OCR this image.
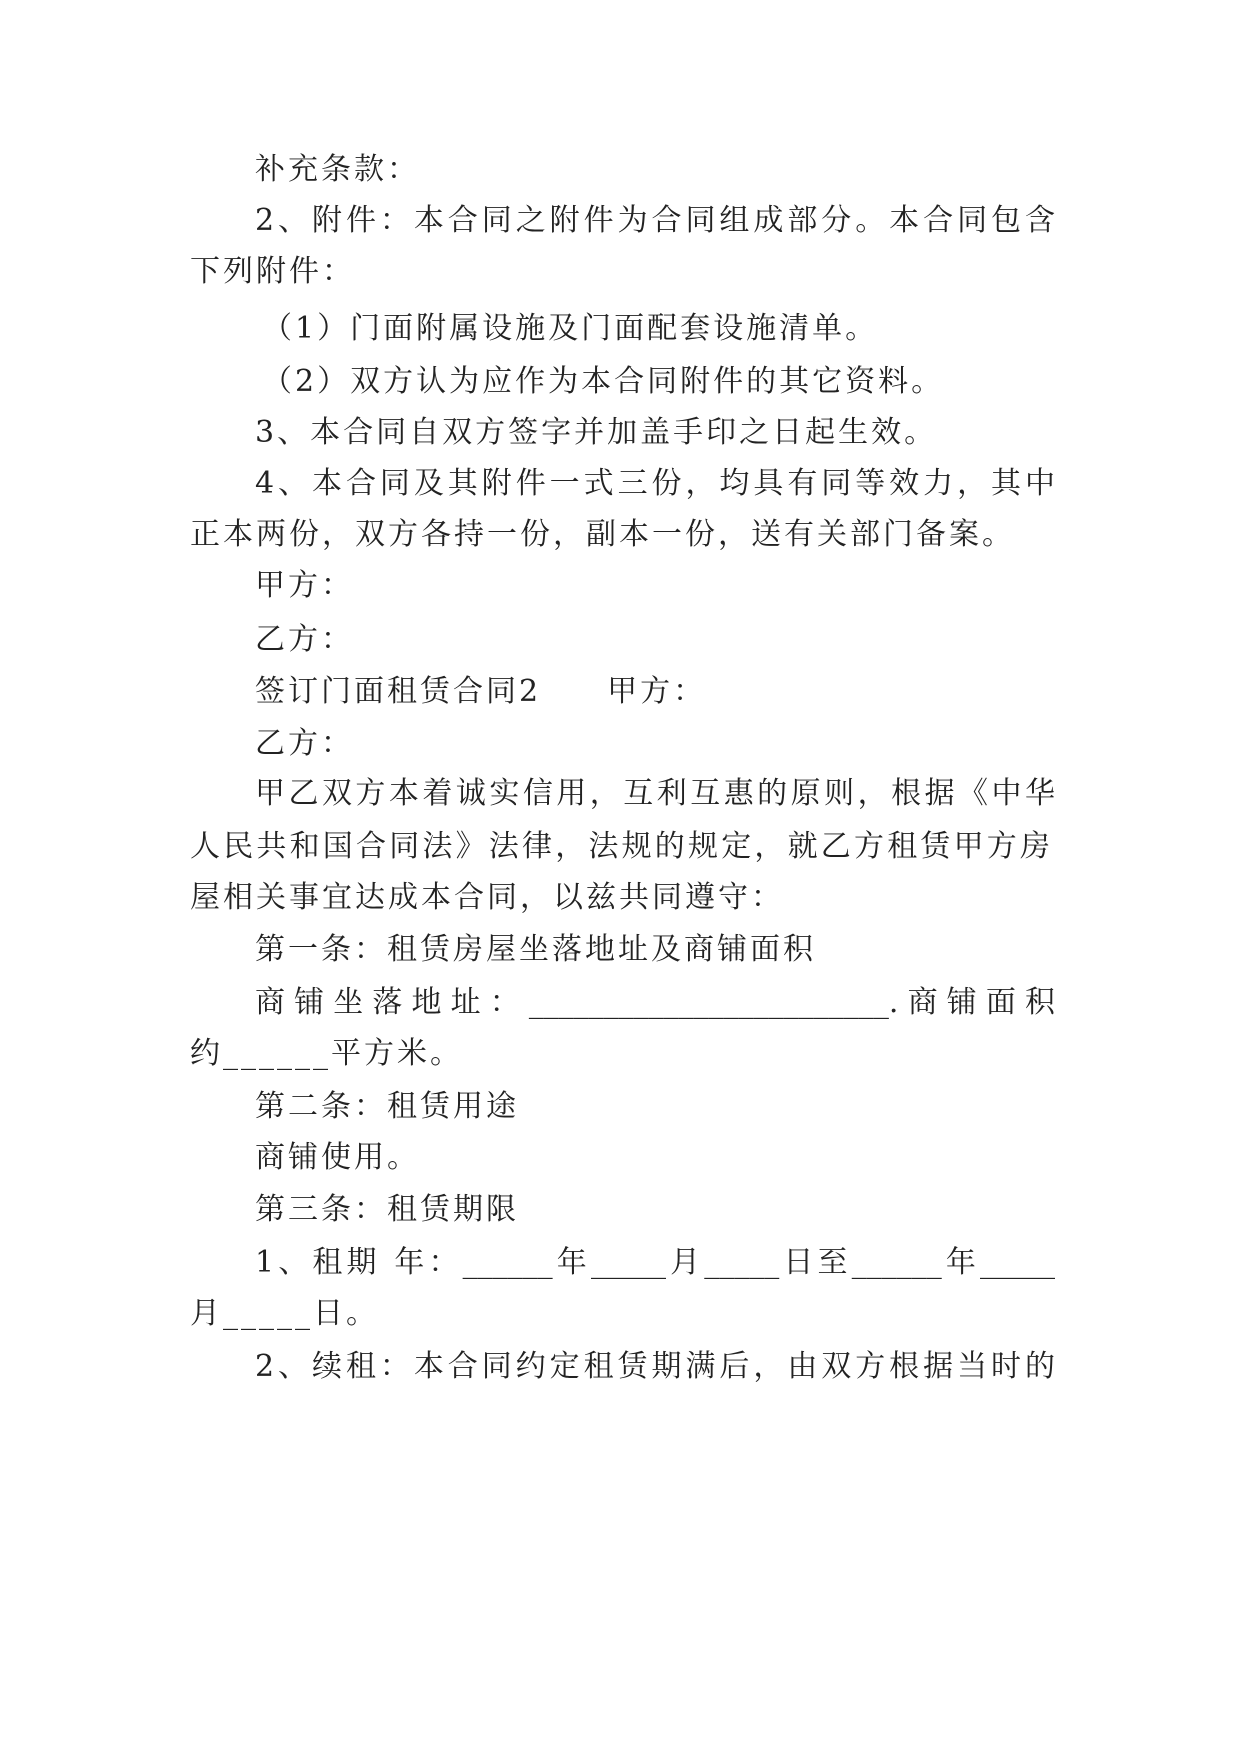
补充条款：
2、附件：本合同之附件为合同组成部分。本合同包含
下列附件：
（1）门面附属设施及门面配套设施清单。
（2）双方认为应作为本合同附件的其它资料。
3、本合同自双方签字并加盖手印之日起生效。
4、本合同及其附件一式三份，均具有同等效力，其中
正本两份，双方各持一份，副本一份，送有关部门备案。
甲方：
乙方：
签订门面租赁合同2 甲方：
乙方：
甲乙双方本着诚实信用，互利互惠的原则，根据《中华
人民共和国合同法》法律，法规的规定，就乙方租赁甲方房
屋相关事宜达成本合同，以兹共同遵守：
第一条：租赁房屋坐落地址及商铺面积
商铺坐落地址：________________________.商铺面积
约______平方米。
第二条：租赁用途
商铺使用。
第三条：租赁期限
1、租期 年：______年_____月_____日至______年_____
月_____日。
2、续租：本合同约定租赁期满后，由双方根据当时的
